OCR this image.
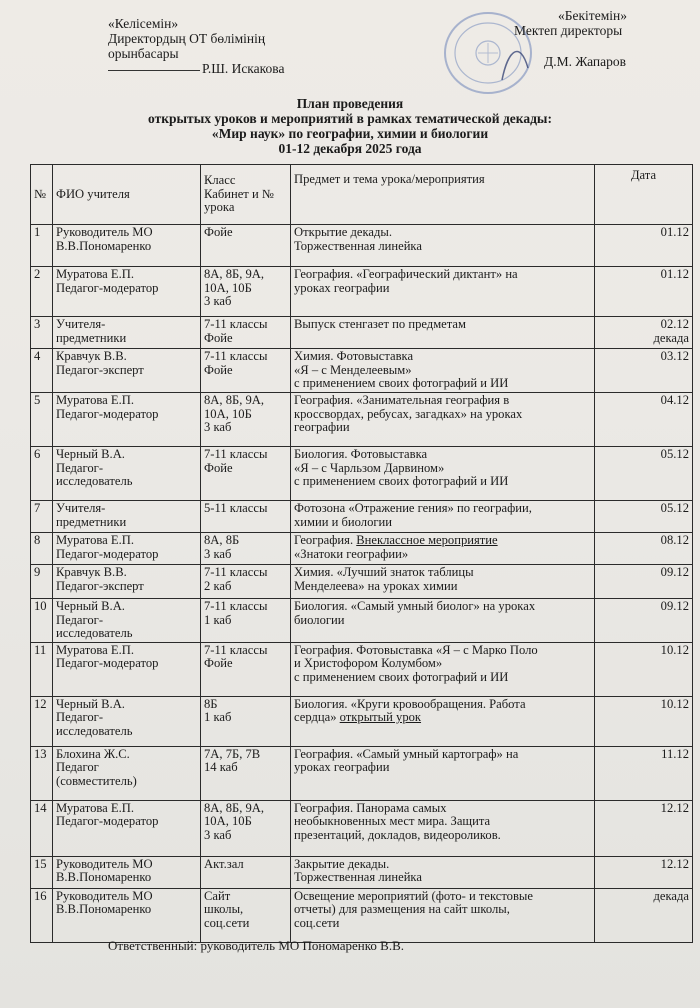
«Келісемін»
Директордың ОТ бөлімінің
орынбасары
Р.Ш. Искакова
«Бекітемін»
Мектеп директоры
Д.М. Жапаров
План проведения
открытых уроков и мероприятий в рамках тематической декады:
«Мир наук» по географии, химии и биологии
01-12 декабря 2025 года
№	ФИО учителя	Класс
Кабинет и №
урока	Предмет и тема урока/мероприятия	Дата
1	Руководитель МО
В.В.Пономаренко	Фойе	Открытие декады.
Торжественная линейка	01.12

2	Муратова Е.П.
Педагог-модератор	8А, 8Б, 9А,
10А, 10Б
3 каб	География. «Географический диктант» на
уроках географии	01.12

3	Учителя-
предметники	7-11 классы
Фойе	Выпуск стенгазет по предметам	02.12
декада

4	Кравчук В.В.
Педагог-эксперт	7-11 классы
Фойе	Химия. Фотовыставка
«Я – с Менделеевым»
с применением своих фотографий и ИИ	03.12

5	Муратова Е.П.
Педагог-модератор	8А, 8Б, 9А,
10А, 10Б
3 каб	География. «Занимательная география в
кроссвордах, ребусах, загадках» на уроках
географии	04.12

6	Черный В.А.
Педагог-
исследователь	7-11 классы
Фойе	Биология. Фотовыставка
«Я – с Чарльзом Дарвином»
с применением своих фотографий и ИИ	05.12

7	Учителя-
предметники	5-11 классы	Фотозона «Отражение гения» по географии,
химии и биологии	05.12

8	Муратова Е.П.
Педагог-модератор	8А, 8Б
3 каб	География. Внеклассное мероприятие
«Знатоки географии»	08.12

9	Кравчук В.В.
Педагог-эксперт	7-11 классы
2 каб	Химия. «Лучший знаток таблицы
Менделеева» на уроках химии	09.12

10	Черный В.А.
Педагог-
исследователь	7-11 классы
1 каб	Биология. «Самый умный биолог» на уроках
биологии	09.12

11	Муратова Е.П.
Педагог-модератор	7-11 классы
Фойе	География. Фотовыставка «Я – с Марко Поло
и Христофором Колумбом»
с применением своих фотографий и ИИ	10.12

12	Черный В.А.
Педагог-
исследователь	8Б
1 каб	Биология. «Круги кровообращения. Работа
сердца» открытый урок	10.12

13	Блохина Ж.С.
Педагог
(совместитель)	7А, 7Б, 7В
14 каб	География. «Самый умный картограф» на
уроках географии	11.12

14	Муратова Е.П.
Педагог-модератор	8А, 8Б, 9А,
10А, 10Б
3 каб	География. Панорама самых
необыкновенных мест мира. Защита
презентаций, докладов, видеороликов.	12.12

15	Руководитель МО
В.В.Пономаренко	Акт.зал	Закрытие декады.
Торжественная линейка	12.12

16	Руководитель МО
В.В.Пономаренко	Сайт
школы,
соц.сети	Освещение мероприятий (фото- и текстовые
отчеты) для размещения на сайт школы,
соц.сети	декада
Ответственный: руководитель МО Пономаренко В.В.
